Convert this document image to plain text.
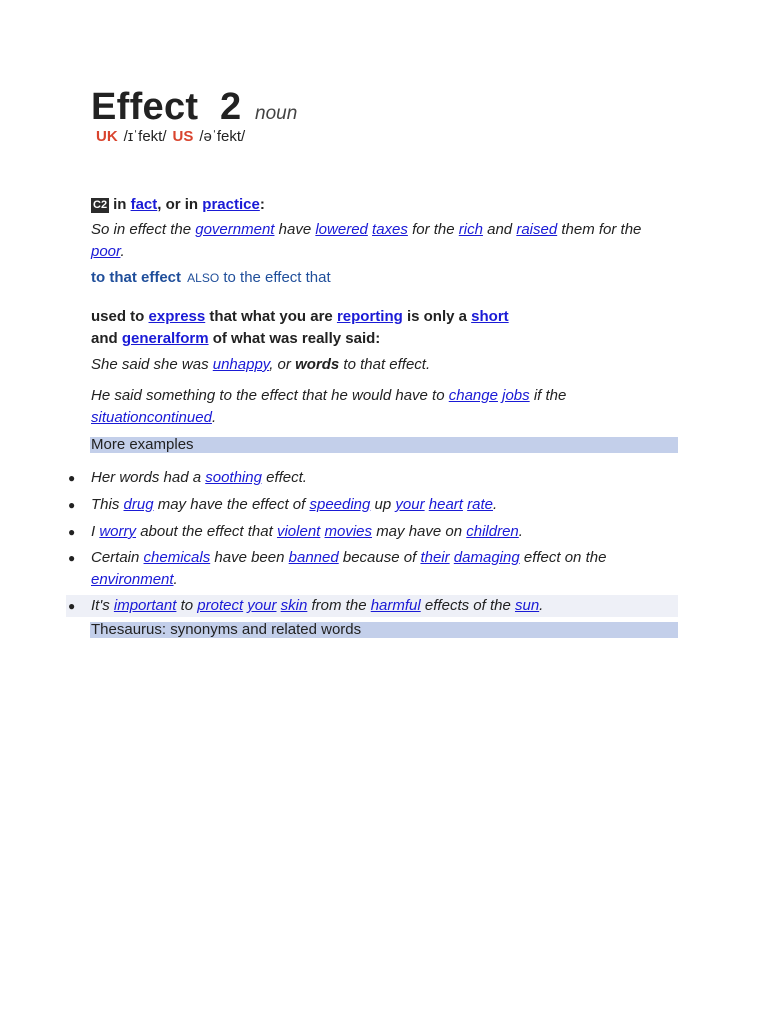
Effect 2 noun
UK /ɪˈfekt/ US /əˈfekt/
C2 in fact, or in practice:
So in effect the government have lowered taxes for the rich and raised them for the poor.
to that effect ALSO to the effect that
used to express that what you are reporting is only a short and generalform of what was really said:
She said she was unhappy, or words to that effect.
He said something to the effect that he would have to change jobs if the situationcontinued.
More examples
● Her words had a soothing effect.
● This drug may have the effect of speeding up your heart rate.
● I worry about the effect that violent movies may have on children.
● Certain chemicals have been banned because of their damaging effect on the environment.
● It's important to protect your skin from the harmful effects of the sun.
Thesaurus: synonyms and related words
